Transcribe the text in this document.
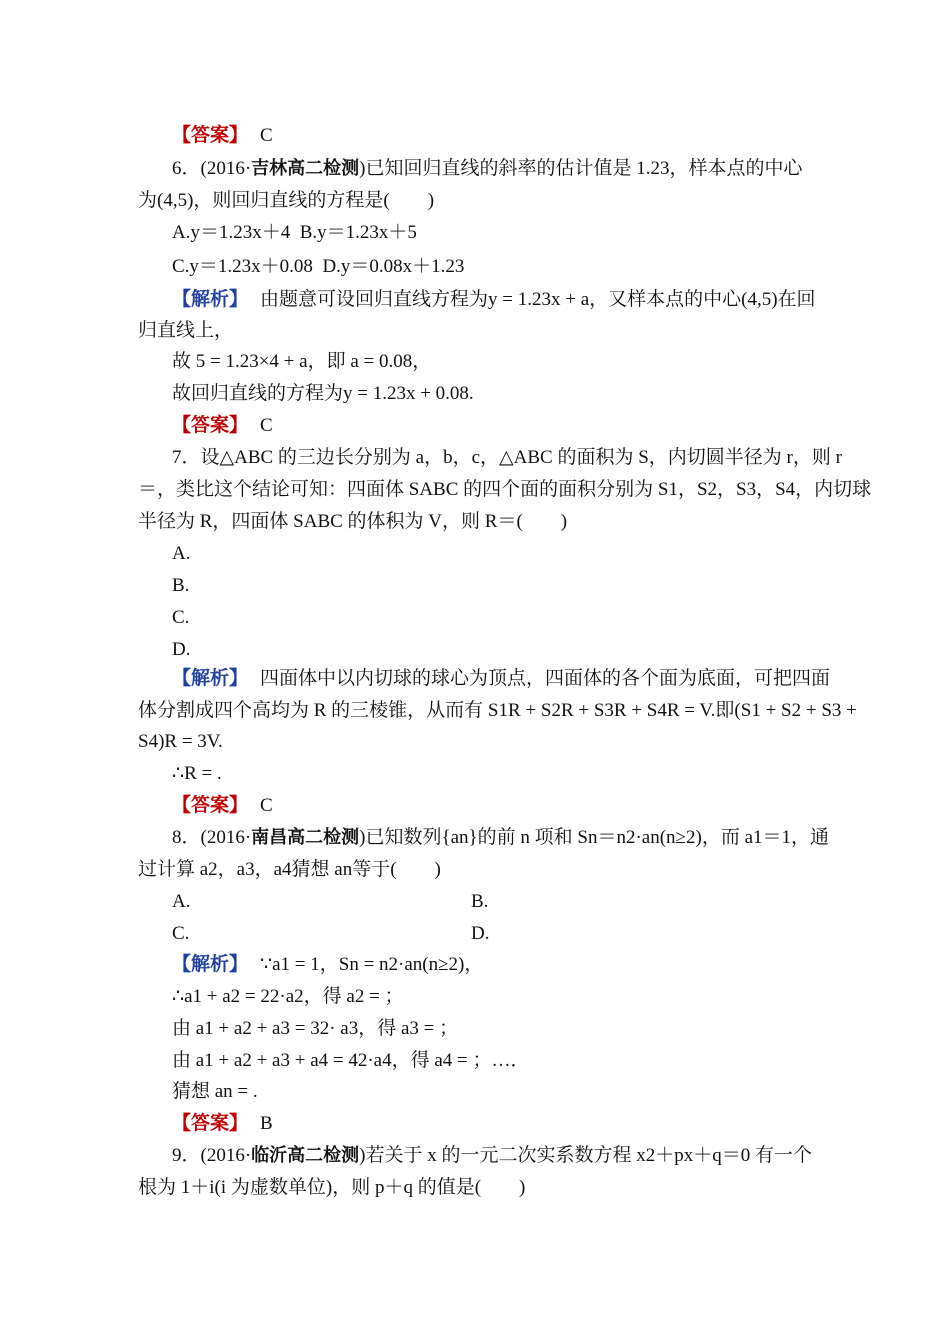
【答案】 C
6．(2016·吉林高二检测)已知回归直线的斜率的估计值是 1.23，样本点的中心
为(4,5)，则回归直线的方程是(　　)
A.y＝1.23x＋4 B.y＝1.23x＋5
C.y＝1.23x＋0.08 D.y＝0.08x＋1.23
【解析】 由题意可设回归直线方程为y = 1.23x + a，又样本点的中心(4,5)在回
归直线上，
故 5 = 1.23×4 + a，即 a = 0.08，
故回归直线的方程为y = 1.23x + 0.08.
【答案】 C
7．设△ABC 的三边长分别为 a，b，c，△ABC 的面积为 S，内切圆半径为 r，则 r
＝，类比这个结论可知：四面体 SABC 的四个面的面积分别为 S1，S2，S3，S4，内切球
半径为 R，四面体 SABC 的体积为 V，则 R＝(　　)
A.
B.
C.
D.
【解析】 四面体中以内切球的球心为顶点，四面体的各个面为底面，可把四面
体分割成四个高均为 R 的三棱锥，从而有 S1R + S2R + S3R + S4R = V.即(S1 + S2 + S3 +
S4)R = 3V.
∴R = .
【答案】 C
8．(2016·南昌高二检测)已知数列{an}的前 n 项和 Sn＝n2·an(n≥2)，而 a1＝1，通
过计算 a2，a3，a4猜想 an等于(　　)
A.	B.
C.	D.
【解析】 ∵a1 = 1，Sn = n2·an(n≥2)，
∴a1 + a2 = 22·a2，得 a2 = ；
由 a1 + a2 + a3 = 32· a3，得 a3 = ；
由 a1 + a2 + a3 + a4 = 42·a4，得 a4 = ；…．
猜想 an = .
【答案】 B
9．(2016·临沂高二检测)若关于 x 的一元二次实系数方程 x2＋px＋q＝0 有一个
根为 1＋i(i 为虚数单位)，则 p＋q 的值是(　　)
